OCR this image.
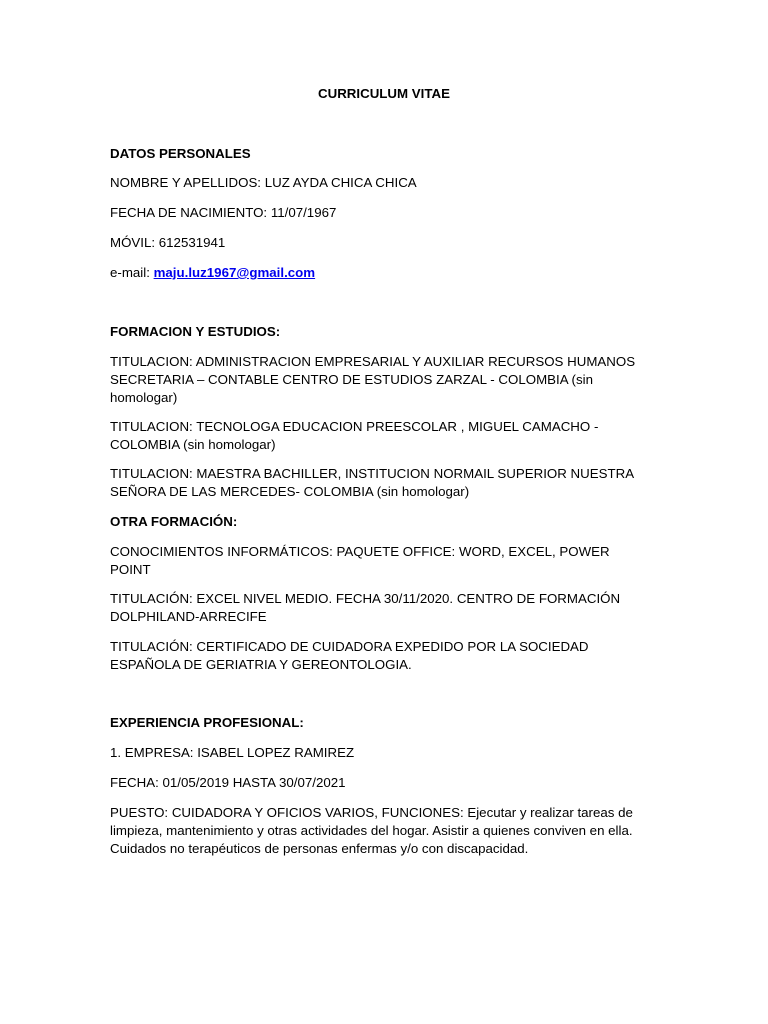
CURRICULUM VITAE

DATOS PERSONALES

NOMBRE Y APELLIDOS: LUZ AYDA CHICA CHICA

FECHA DE NACIMIENTO: 11/07/1967

MÓVIL: 612531941

e-mail: maju.luz1967@gmail.com

FORMACION Y ESTUDIOS:

TITULACION: ADMINISTRACION EMPRESARIAL Y AUXILIAR RECURSOS HUMANOS SECRETARIA – CONTABLE CENTRO DE ESTUDIOS ZARZAL - COLOMBIA (sin homologar)

TITULACION: TECNOLOGA EDUCACION PREESCOLAR , MIGUEL CAMACHO - COLOMBIA (sin homologar)

TITULACION: MAESTRA BACHILLER, INSTITUCION NORMAIL SUPERIOR NUESTRA SEÑORA DE LAS MERCEDES- COLOMBIA (sin homologar)

OTRA FORMACIÓN:

CONOCIMIENTOS INFORMÁTICOS: PAQUETE OFFICE: WORD, EXCEL, POWER POINT

TITULACIÓN: EXCEL NIVEL MEDIO. FECHA 30/11/2020. CENTRO DE FORMACIÓN DOLPHILAND-ARRECIFE

TITULACIÓN: CERTIFICADO DE CUIDADORA EXPEDIDO POR LA SOCIEDAD ESPAÑOLA DE GERIATRIA Y GEREONTOLOGIA.

EXPERIENCIA PROFESIONAL:

1. EMPRESA: ISABEL LOPEZ RAMIREZ

FECHA: 01/05/2019 HASTA 30/07/2021

PUESTO: CUIDADORA Y OFICIOS VARIOS, FUNCIONES: Ejecutar y realizar tareas de limpieza, mantenimiento y otras actividades del hogar. Asistir a quienes conviven en ella. Cuidados no terapéuticos de personas enfermas y/o con discapacidad.
